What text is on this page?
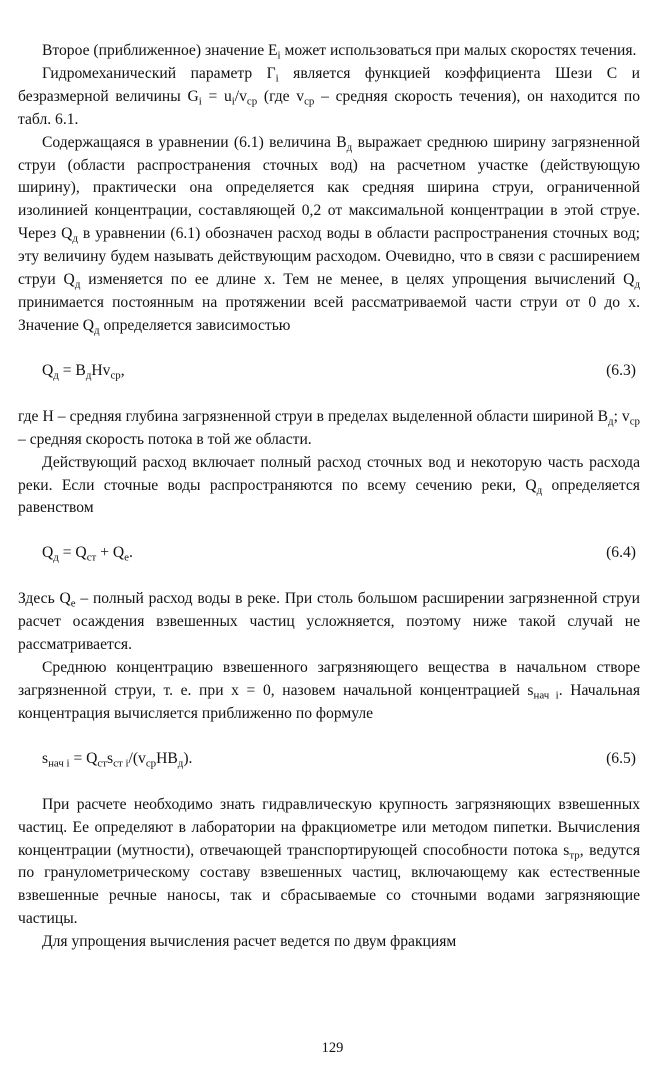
Второе (приближенное) значение $E_i$ может использоваться при малых скоростях течения.

Гидромеханический параметр $Г_i$ является функцией коэффициента Шези C и безразмерной величины $G_i = u_i/v_{ср}$ (где $v_{ср}$ – средняя скорость течения), он находится по табл. 6.1.

Содержащаяся в уравнении (6.1) величина $B_д$ выражает среднюю ширину загрязненной струи (области распространения сточных вод) на расчетном участке (действующую ширину), практически она определяется как средняя ширина струи, ограниченной изолинией концентрации, составляющей 0,2 от максимальной концентрации в этой струе. Через $Q_д$ в уравнении (6.1) обозначен расход воды в области распространения сточных вод; эту величину будем называть действующим расходом. Очевидно, что в связи с расширением струи $Q_д$ изменяется по ее длине x. Тем не менее, в целях упрощения вычислений $Q_д$ принимается постоянным на протяжении всей рассматриваемой части струи от 0 до x. Значение $Q_д$ определяется зависимостью

$Q_д = B_дHv_{ср}$,	(6.3)

где H – средняя глубина загрязненной струи в пределах выделенной области шириной $B_д$; $v_{ср}$ – средняя скорость потока в той же области.

Действующий расход включает полный расход сточных вод и некоторую часть расхода реки. Если сточные воды распространяются по всему сечению реки, $Q_д$ определяется равенством

$Q_д = Q_{ст} + Q_е$.	(6.4)

Здесь $Q_е$ – полный расход воды в реке. При столь большом расширении загрязненной струи расчет осаждения взвешенных частиц усложняется, поэтому ниже такой случай не рассматривается.

Среднюю концентрацию взвешенного загрязняющего вещества в начальном створе загрязненной струи, т. е. при x = 0, назовем начальной концентрацией $s_{нач i}$. Начальная концентрация вычисляется приближенно по формуле

$s_{нач i} = Q_{ст}s_{ст i}/(v_{ср}HB_д)$.	(6.5)

При расчете необходимо знать гидравлическую крупность загрязняющих взвешенных частиц. Ее определяют в лаборатории на фракциометре или методом пипетки. Вычисления концентрации (мутности), отвечающей транспортирующей способности потока $s_{тр}$, ведутся по гранулометрическому составу взвешенных частиц, включающему как естественные взвешенные речные наносы, так и сбрасываемые со сточными водами загрязняющие частицы.

Для упрощения вычисления расчет ведется по двум фракциям

129
